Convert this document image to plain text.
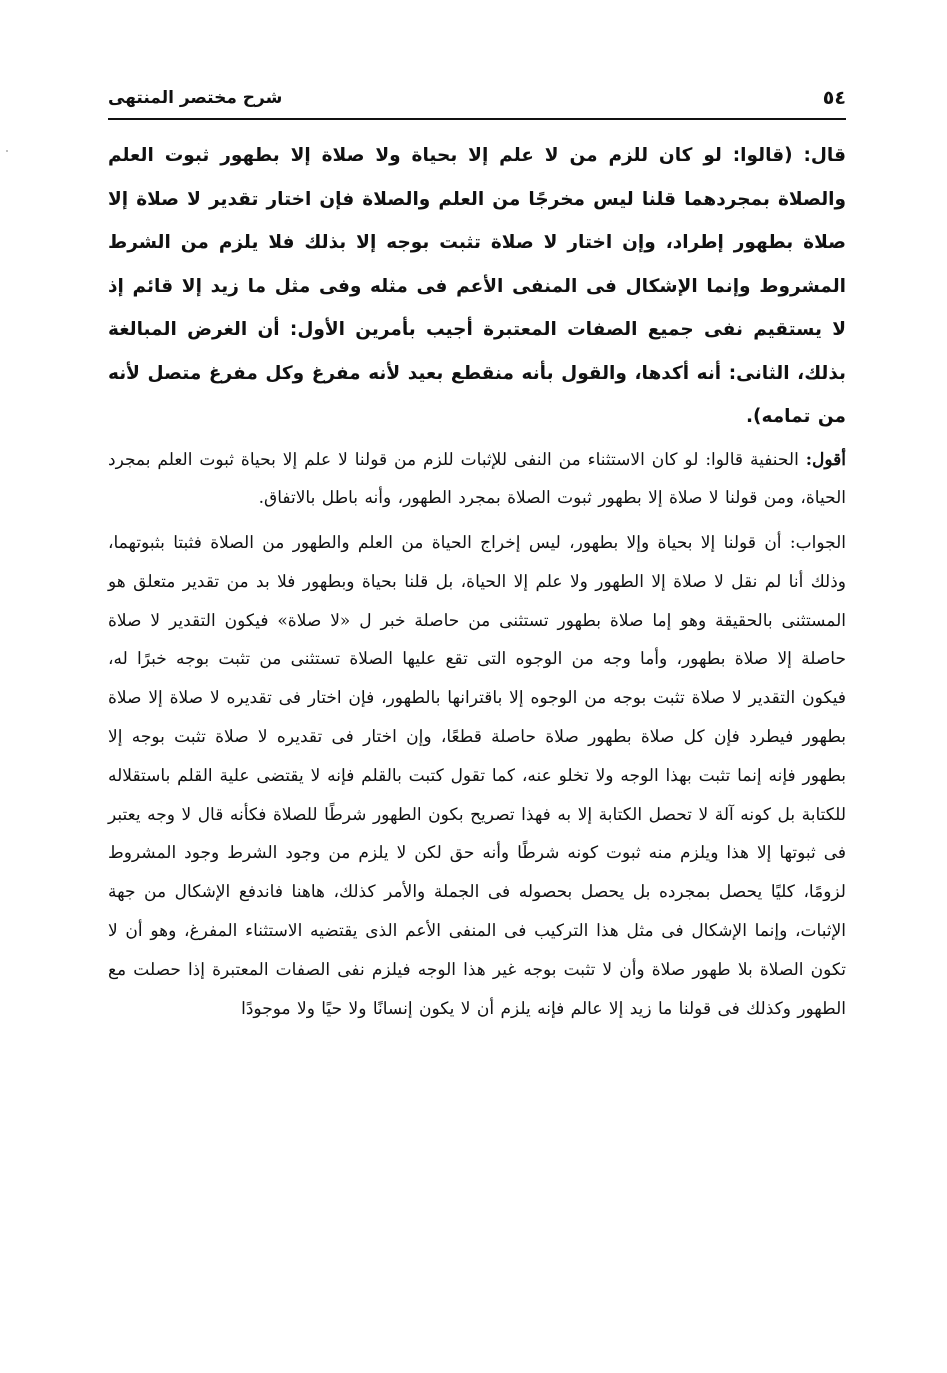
٥٤
شرح مختصر المنتهى

قال: (قالوا: لو كان للزم من لا علم إلا بحياة ولا صلاة إلا بطهور ثبوت العلم والصلاة بمجردهما قلنا ليس مخرجًا من العلم والصلاة فإن اختار تقدير لا صلاة إلا صلاة بطهور إطراد، وإن اختار لا صلاة تثبت بوجه إلا بذلك فلا يلزم من الشرط المشروط وإنما الإشكال فى المنفى الأعم فى مثله وفى مثل ما زيد إلا قائم إذ لا يستقيم نفى جميع الصفات المعتبرة أجيب بأمرين الأول: أن الغرض المبالغة بذلك، الثانى: أنه أكدها، والقول بأنه منقطع بعيد لأنه مفرغ وكل مفرغ متصل لأنه من تمامه).

أقول: الحنفية قالوا: لو كان الاستثناء من النفى للإثبات للزم من قولنا لا علم إلا بحياة ثبوت العلم بمجرد الحياة، ومن قولنا لا صلاة إلا بطهور ثبوت الصلاة بمجرد الطهور، وأنه باطل بالاتفاق.

الجواب: أن قولنا إلا بحياة وإلا بطهور، ليس إخراج الحياة من العلم والطهور من الصلاة فثبتا بثبوتهما، وذلك أنا لم نقل لا صلاة إلا الطهور ولا علم إلا الحياة، بل قلنا بحياة وبطهور فلا بد من تقدير متعلق هو المستثنى بالحقيقة وهو إما صلاة بطهور تستثنى من حاصلة خبر ل «لا صلاة» فيكون التقدير لا صلاة حاصلة إلا صلاة بطهور، وأما وجه من الوجوه التى تقع عليها الصلاة تستثنى من تثبت بوجه خبرًا له، فيكون التقدير لا صلاة تثبت بوجه من الوجوه إلا باقترانها بالطهور، فإن اختار فى تقديره لا صلاة إلا صلاة بطهور فيطرد فإن كل صلاة بطهور صلاة حاصلة قطعًا، وإن اختار فى تقديره لا صلاة تثبت بوجه إلا بطهور فإنه إنما تثبت بهذا الوجه ولا تخلو عنه، كما تقول كتبت بالقلم فإنه لا يقتضى علية القلم باستقلاله للكتابة بل كونه آلة لا تحصل الكتابة إلا به فهذا تصريح بكون الطهور شرطًا للصلاة فكأنه قال لا وجه يعتبر فى ثبوتها إلا هذا ويلزم منه ثبوت كونه شرطًا وأنه حق لكن لا يلزم من وجود الشرط وجود المشروط لزومًا، كليًا يحصل بمجرده بل يحصل بحصوله فى الجملة والأمر كذلك، هاهنا فاندفع الإشكال من جهة الإثبات، وإنما الإشكال فى مثل هذا التركيب فى المنفى الأعم الذى يقتضيه الاستثناء المفرغ، وهو أن لا تكون الصلاة بلا طهور صلاة وأن لا تثبت بوجه غير هذا الوجه فيلزم نفى الصفات المعتبرة إذا حصلت مع الطهور وكذلك فى قولنا ما زيد إلا عالم فإنه يلزم أن لا يكون إنسانًا ولا حيًا ولا موجودًا
